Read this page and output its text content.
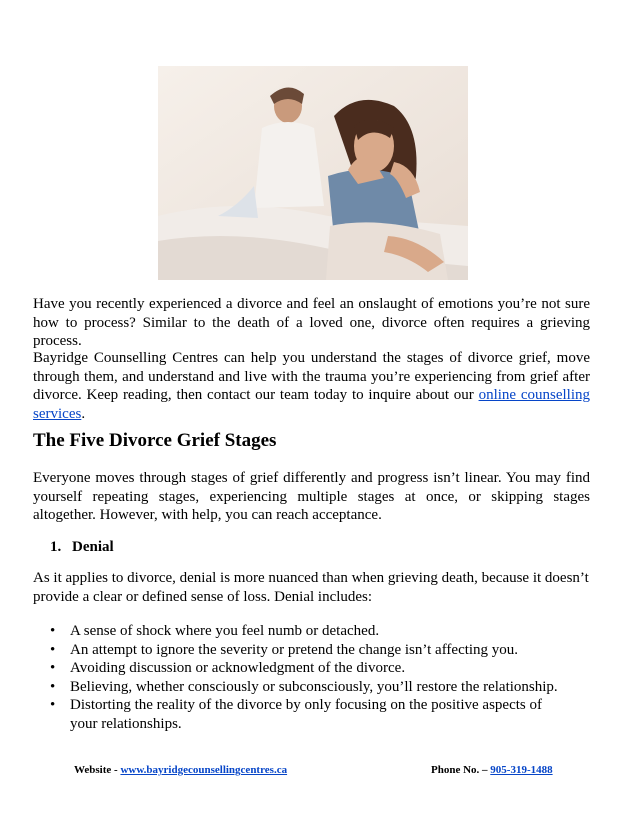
Have you recently experienced a divorce and feel an onslaught of emotions you’re not sure how to process? Similar to the death of a loved one, divorce often requires a grieving process.

Bayridge Counselling Centres can help you understand the stages of divorce grief, move through them, and understand and live with the trauma you’re experiencing from grief after divorce. Keep reading, then contact our team today to inquire about our online counselling services.

The Five Divorce Grief Stages

Everyone moves through stages of grief differently and progress isn’t linear. You may find yourself repeating stages, experiencing multiple stages at once, or skipping stages altogether. However, with help, you can reach acceptance.

1. Denial

As it applies to divorce, denial is more nuanced than when grieving death, because it doesn’t provide a clear or defined sense of loss. Denial includes:

• A sense of shock where you feel numb or detached.
• An attempt to ignore the severity or pretend the change isn’t affecting you.
• Avoiding discussion or acknowledgment of the divorce.
• Believing, whether consciously or subconsciously, you’ll restore the relationship.
• Distorting the reality of the divorce by only focusing on the positive aspects of your relationships.
Website - www.bayridgecounsellingcentres.ca	Phone No. – 905-319-1488
